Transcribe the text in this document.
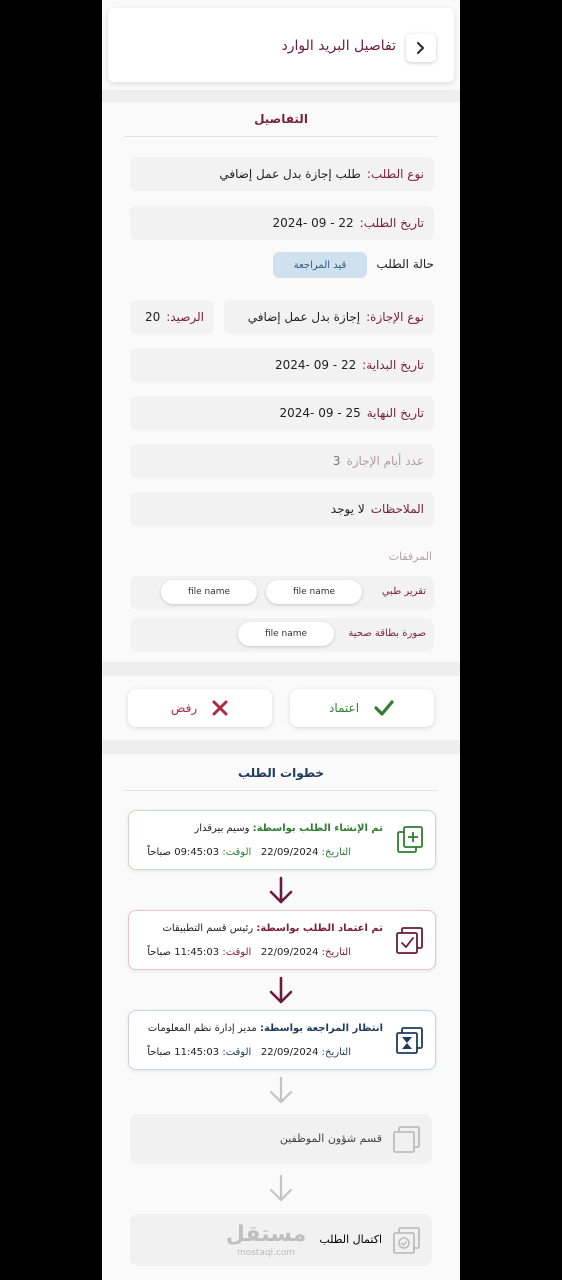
تفاصيل البريد الوارد
التفاصيل
نوع الطلب:
طلب إجازة بدل عمل إضافي
تاريخ الطلب:
22 - 09 -2024
حالة الطلب
قيد المراجعة
نوع الإجازة:
إجازة بدل عمل إضافي
الرصيد:
20
تاريخ البداية:
22 - 09 -2024
تاريخ النهاية
25 - 09 -2024
عدد أيام الإجازة
3
الملاحظات
لا يوجد
المرفقات
تقرير طبي
file name
file name
صورة بطاقة صحية
file name
اعتماد
رفض
خطوات الطلب
تم الإنشاء الطلب بواسطة: وسيم بيرقدار
التاريخ: 22/09/2024   الوقت: 09:45:03 صباحاً
تم اعتماد الطلب بواسطة: رئيس قسم التطبيقات
التاريخ: 22/09/2024   الوقت: 11:45:03 صباحاً
انتظار المراجعة بواسطة: مدير إدارة نظم المعلومات
التاريخ: 22/09/2024   الوقت: 11:45:03 صباحاً
قسم شؤون الموظفين
اكتمال الطلب
مستقل
mostaql.com
